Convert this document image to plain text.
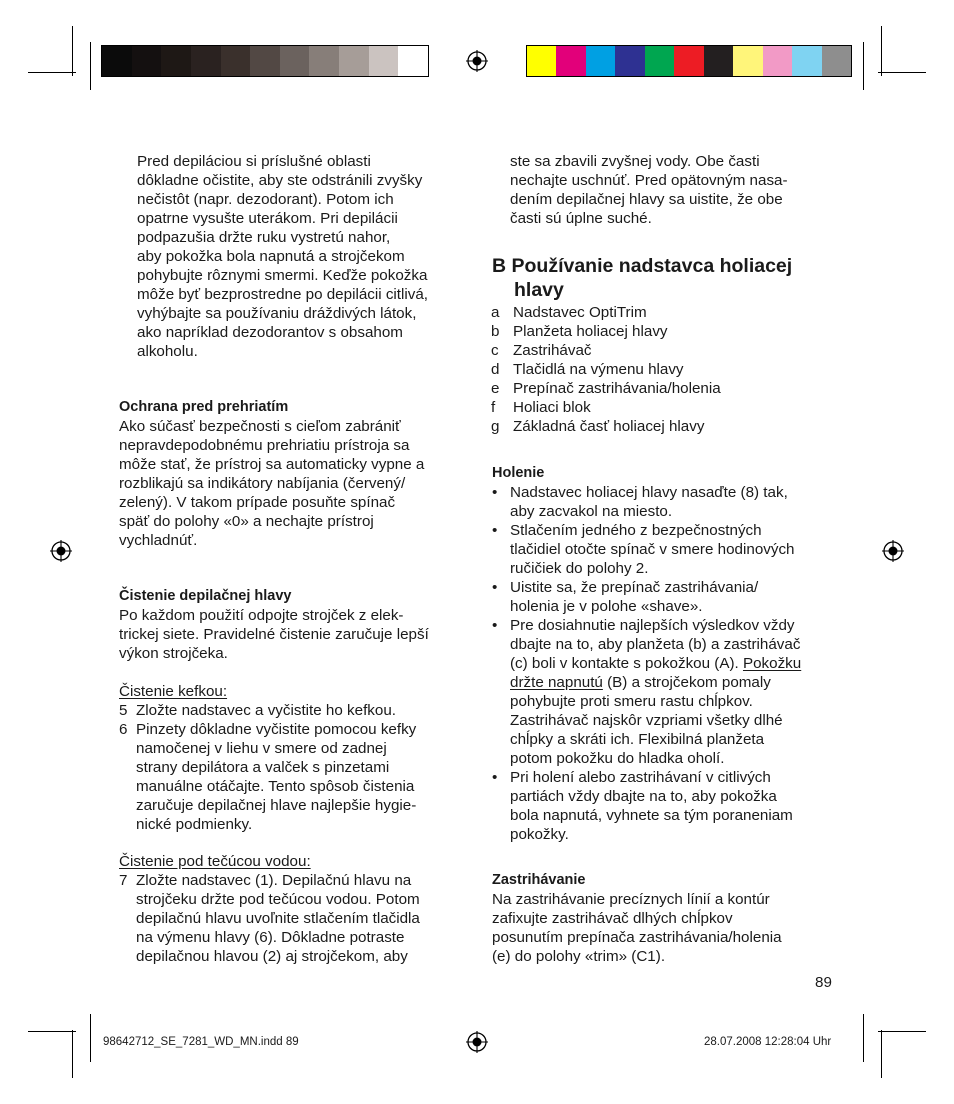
Pred depiláciou si príslušné oblasti
dôkladne očistite, aby ste odstránili zvyšky
nečistôt (napr. dezodorant). Potom ich
opatrne vysušte uterákom. Pri depilácii
podpazušia držte ruku vystretú nahor,
aby pokožka bola napnutá a strojčekom
pohybujte rôznymi smermi. Keďže pokožka
môže byť bezprostredne po depilácii citlivá,
vyhýbajte sa používaniu dráždivých látok,
ako napríklad dezodorantov s obsahom
alkoholu.
Ochrana pred prehriatím
Ako súčasť bezpečnosti s cieľom zabrániť
nepravdepodobnému prehriatiu prístroja sa
môže stať, že prístroj sa automaticky vypne a
rozblikajú sa indikátory nabíjania (červený/
zelený). V takom prípade posuňte spínač
späť do polohy «0» a nechajte prístroj
vychladnúť.
Čistenie depilačnej hlavy
Po každom použití odpojte strojček z elek-
trickej siete. Pravidelné čistenie zaručuje lepší
výkon strojčeka.
Čistenie kefkou:
5 Zložte nadstavec a vyčistite ho kefkou.
6 Pinzety dôkladne vyčistite pomocou kefky
namočenej v liehu v smere od zadnej
strany depilátora a valček s pinzetami
manuálne otáčajte. Tento spôsob čistenia
zaručuje depilačnej hlave najlepšie hygie-
nické podmienky.
Čistenie pod tečúcou vodou:
7 Zložte nadstavec (1). Depilačnú hlavu na
strojčeku držte pod tečúcou vodou. Potom
depilačnú hlavu uvoľnite stlačením tlačidla
na výmenu hlavy (6). Dôkladne potraste
depilačnou hlavou (2) aj strojčekom, aby
ste sa zbavili zvyšnej vody. Obe časti
nechajte uschnúť. Pred opätovným nasa-
dením depilačnej hlavy sa uistite, že obe
časti sú úplne suché.
B Používanie nadstavca holiacej
hlavy
a Nadstavec OptiTrim
b Planžeta holiacej hlavy
c Zastrihávač
d Tlačidlá na výmenu hlavy
e Prepínač zastrihávania/holenia
f Holiaci blok
g Základná časť holiacej hlavy
Holenie
• Nadstavec holiacej hlavy nasaďte (8) tak,
aby zacvakol na miesto.
• Stlačením jedného z bezpečnostných
tlačidiel otočte spínač v smere hodinových
ručičiek do polohy 2.
• Uistite sa, že prepínač zastrihávania/
holenia je v polohe «shave».
• Pre dosiahnutie najlepších výsledkov vždy
dbajte na to, aby planžeta (b) a zastrihávač
(c) boli v kontakte s pokožkou (A). Pokožku
držte napnutú (B) a strojčekom pomaly
pohybujte proti smeru rastu chĺpkov.
Zastrihávač najskôr vzpriami všetky dlhé
chĺpky a skráti ich. Flexibilná planžeta
potom pokožku do hladka oholí.
• Pri holení alebo zastrihávaní v citlivých
partiách vždy dbajte na to, aby pokožka
bola napnutá, vyhnete sa tým poraneniam
pokožky.
Zastrihávanie
Na zastrihávanie precíznych línií a kontúr
zafixujte zastrihávač dlhých chĺpkov
posunutím prepínača zastrihávania/holenia
(e) do polohy «trim» (C1).
89
98642712_SE_7281_WD_MN.indd 89	28.07.2008 12:28:04 Uhr
